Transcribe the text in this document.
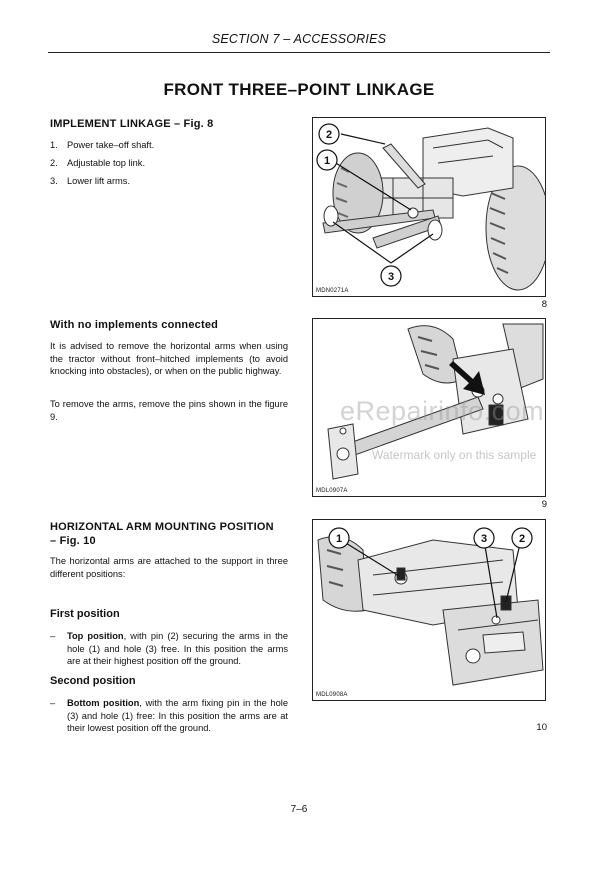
SECTION 7 – ACCESSORIES
FRONT THREE–POINT LINKAGE
IMPLEMENT LINKAGE – Fig. 8
1. Power take–off shaft.
2. Adjustable top link.
3. Lower lift arms.
With no implements connected
It is advised to remove the horizontal arms when using the tractor without front–hitched implements (to avoid knocking into obstacles), or when on the public highway.
To remove the arms, remove the pins shown in the figure 9.
HORIZONTAL ARM MOUNTING POSITION
– Fig. 10
The horizontal arms are attached to the support in three different positions:
First position
–	Top position, with pin (2) securing the arms in the hole (1) and hole (3) free. In this position the arms are at their highest position off the ground.
Second position
–	Bottom position, with the arm fixing pin in the hole (3) and hole (1) free: In this position the arms are at their lowest position off the ground.
2
1
3
MDN0271A
8
MDL0907A
9
1	3	2
MDL0908A
10
eRepairinfo.com
Watermark only on this sample
7–6
